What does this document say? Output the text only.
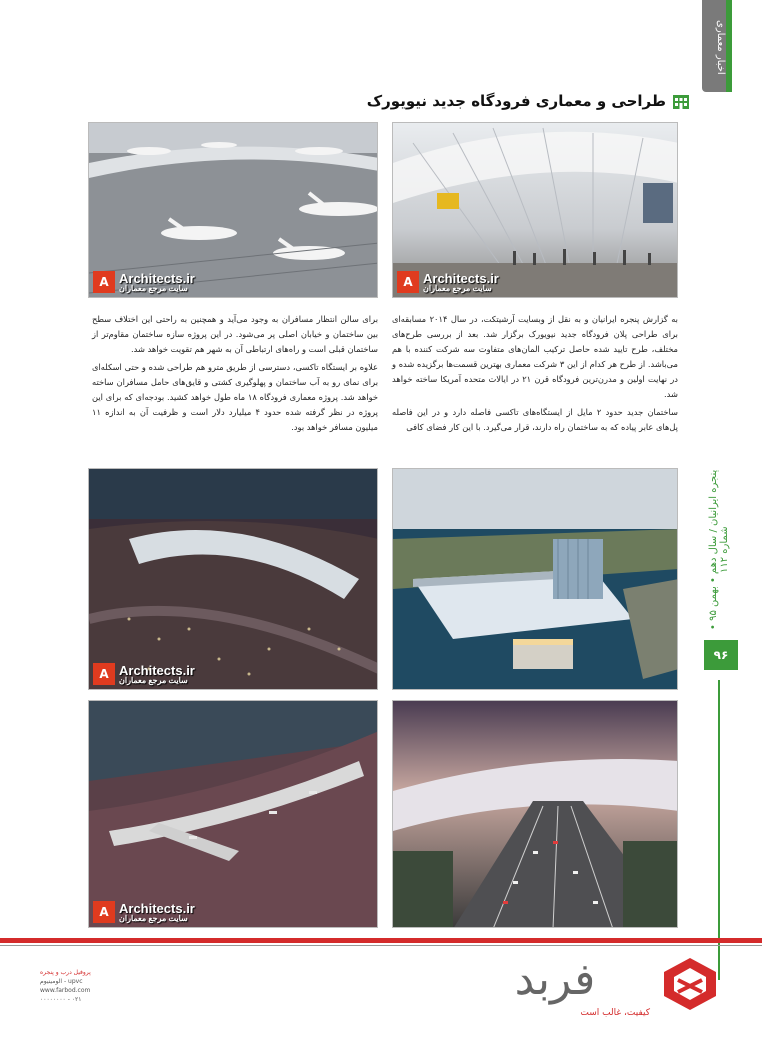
اخبار معماری
طراحی و معماری فرودگاه جدید نیویورک
A Architects.ir
سایت مرجع معماران
A Architects.ir
سایت مرجع معماران

به گزارش پنجره ایرانیان و به نقل از وبسایت آرشیتکت، در سال ۲۰۱۴ مسابقه‌ای برای طراحی پلان فرودگاه جدید نیویورک برگزار شد. بعد از بررسی طرح‌های مختلف، طرح تایید شده حاصل ترکیب المان‌های متفاوت سه شرکت کننده با هم می‌باشد. از طرح هر کدام از این ۳ شرکت معماری بهترین قسمت‌ها برگزیده شده و در نهایت اولین و مدرن‌ترین فرودگاه قرن ۲۱ در ایالات متحده آمریکا ساخته خواهد شد.

ساختمان جدید حدود ۲ مایل از ایستگاه‌های تاکسی فاصله دارد و در این فاصله پل‌های عابر پیاده که به ساختمان راه دارند، قرار می‌گیرد. با این کار فضای کافی

برای سالن انتظار مسافران به وجود می‌آید و همچنین به راحتی این اختلاف سطح بین ساختمان و خیابان اصلی پر می‌شود. در این پروژه سازه ساختمان مقاوم‌تر از ساختمان قبلی است و راه‌های ارتباطی آن به شهر هم تقویت خواهد شد.

علاوه بر ایستگاه تاکسی، دسترسی از طریق مترو هم طراحی شده و حتی اسکله‌ای برای نمای رو به آب ساختمان و پهلوگیری کشتی و قایق‌های حامل مسافران ساخته خواهد شد. پروژه معماری فرودگاه ۱۸ ماه طول خواهد کشید. بودجه‌ای که برای این پروژه در نظر گرفته شده حدود ۴ میلیارد دلار است و ظرفیت آن به اندازه ۱۱ میلیون مسافر خواهد بود.

A Architects.ir
سایت مرجع معماران
A Architects.ir
سایت مرجع معماران
پنجره ایرانیان / سال دهم • بهمن ۹۵ • شماره ۱۱۲
۹۶
فربد
کیفیت، غالب است
پروفیل درب و پنجره
upvc - الومینیوم
www.farbod.com
۰۲۱ - ۰۰۰۰۰۰۰۰
